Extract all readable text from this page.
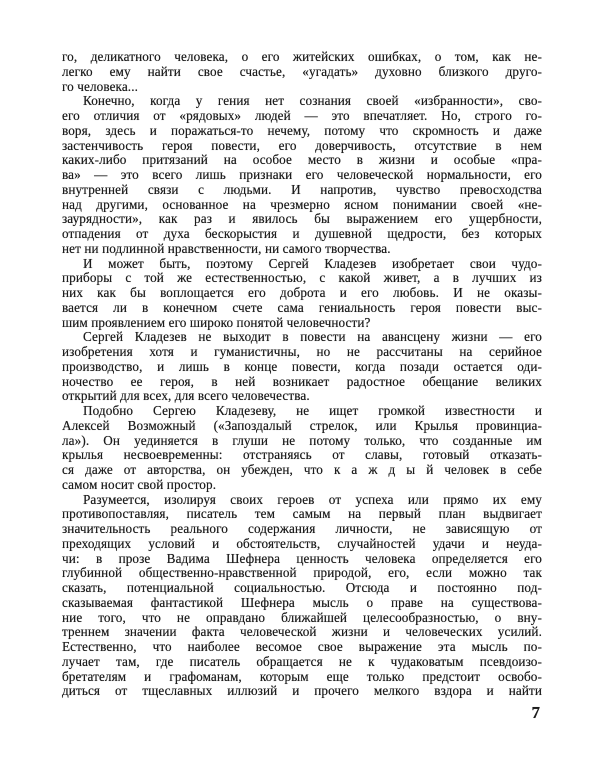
го, деликатного человека, о его житейских ошибках, о том, как не-
легко ему найти свое счастье, «угадать» духовно близкого друго-
го человека...
Конечно, когда у гения нет сознания своей «избранности», сво-
его отличия от «рядовых» людей — это впечатляет. Но, строго го-
воря, здесь и поражаться-то нечему, потому что скромность и даже
застенчивость героя повести, его доверчивость, отсутствие в нем
каких-либо притязаний на особое место в жизни и особые «пра-
ва» — это всего лишь признаки его человеческой нормальности, его
внутренней связи с людьми. И напротив, чувство превосходства
над другими, основанное на чрезмерно ясном понимании своей «не-
заурядности», как раз и явилось бы выражением его ущербности,
отпадения от духа бескорыстия и душевной щедрости, без которых
нет ни подлинной нравственности, ни самого творчества.
И может быть, поэтому Сергей Кладезев изобретает свои чудо-
приборы с той же естественностью, с какой живет, а в лучших из
них как бы воплощается его доброта и его любовь. И не оказы-
вается ли в конечном счете сама гениальность героя повести выс-
шим проявлением его широко понятой человечности?
Сергей Кладезев не выходит в повести на авансцену жизни — его
изобретения хотя и гуманистичны, но не рассчитаны на серийное
производство, и лишь в конце повести, когда позади остается оди-
ночество ее героя, в ней возникает радостное обещание великих
открытий для всех, для всего человечества.
Подобно Сергею Кладезеву, не ищет громкой известности и
Алексей Возможный («Запоздалый стрелок, или Крылья провинциа-
ла»). Он уединяется в глуши не потому только, что созданные им
крылья несвоевременны: отстраняясь от славы, готовый отказать-
ся даже от авторства, он убежден, что к а ж д ы й человек в себе
самом носит свой простор.
Разумеется, изолируя своих героев от успеха или прямо их ему
противопоставляя, писатель тем самым на первый план выдвигает
значительность реального содержания личности, не зависящую от
преходящих условий и обстоятельств, случайностей удачи и неуда-
чи: в прозе Вадима Шефнера ценность человека определяется его
глубинной общественно-нравственной природой, его, если можно так
сказать, потенциальной социальностью. Отсюда и постоянно под-
сказываемая фантастикой Шефнера мысль о праве на существова-
ние того, что не оправдано ближайшей целесообразностью, о вну-
треннем значении факта человеческой жизни и человеческих усилий.
Естественно, что наиболее весомое свое выражение эта мысль по-
лучает там, где писатель обращается не к чудаковатым псевдоизо-
бретателям и графоманам, которым еще только предстоит освобо-
диться от тщеславных иллюзий и прочего мелкого вздора и найти
7
